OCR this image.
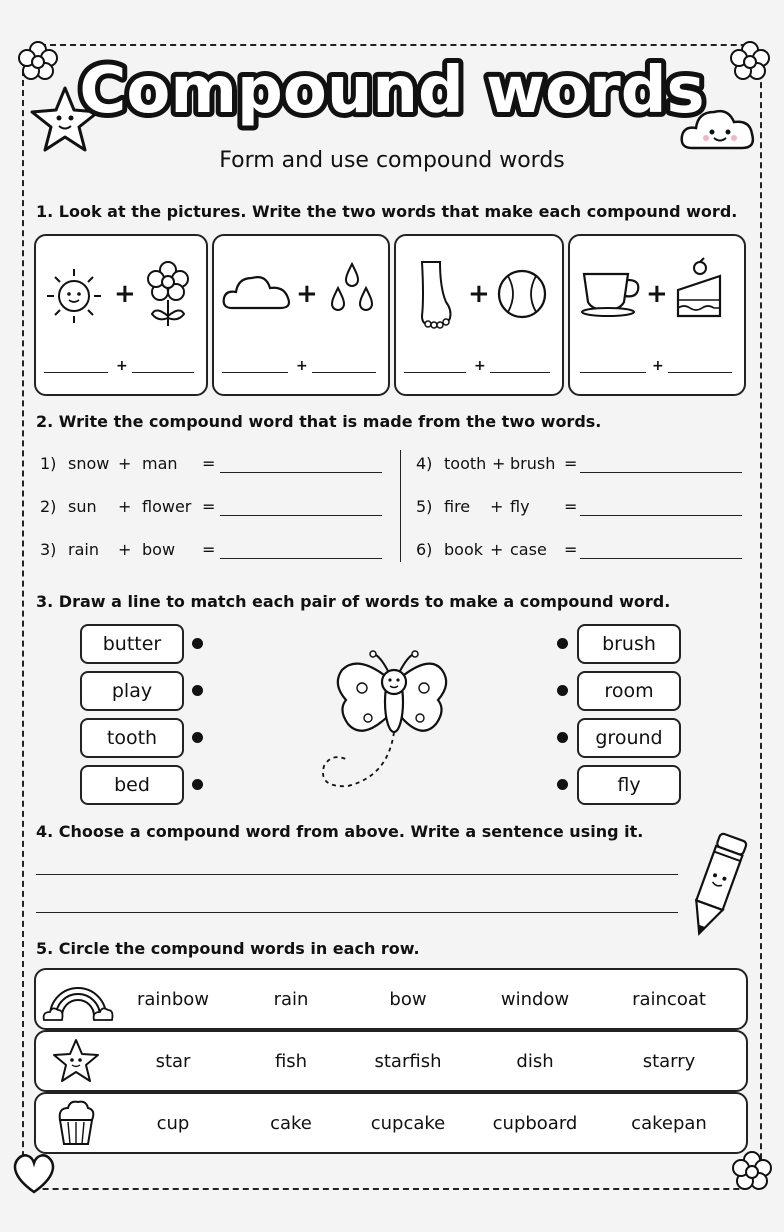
Compound words
Form and use compound words
1. Look at the pictures. Write the two words that make each compound word.
+	+	+	+
+	+	+	+
2. Write the compound word that is made from the two words.
1) snow + man =
2) sun + flower =
3) rain + bow =
4) tooth + brush =
5) fire + fly =
6) book + case =
3. Draw a line to match each pair of words to make a compound word.
butter
play
tooth
bed
brush
room
ground
fly
4. Choose a compound word from above. Write a sentence using it.
5. Circle the compound words in each row.
rainbow	rain	bow	window	raincoat
star	fish	starfish	dish	starry
cup	cake	cupcake	cupboard	cakepan
